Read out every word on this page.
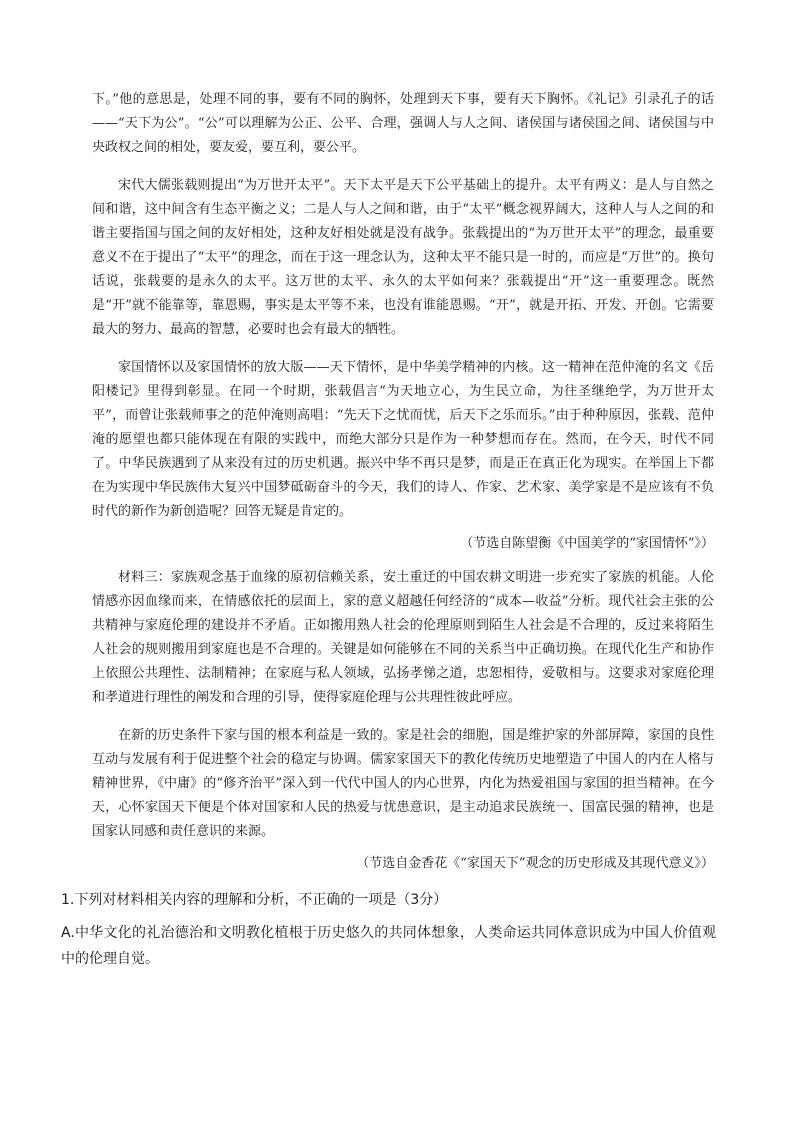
下。”他的意思是，处理不同的事，要有不同的胸怀，处理到天下事，要有天下胸怀。《礼记》引录孔子的话——“天下为公”。“公”可以理解为公正、公平、合理，强调人与人之间、诸侯国与诸侯国之间、诸侯国与中央政权之间的相处，要友爱，要互利，要公平。

宋代大儒张载则提出“为万世开太平”。天下太平是天下公平基础上的提升。太平有两义：是人与自然之间和谐，这中间含有生态平衡之义；二是人与人之间和谐，由于“太平”概念视界阔大，这种人与人之间的和谐主要指国与国之间的友好相处，这种友好相处就是没有战争。张载提出的“为万世开太平”的理念，最重要意义不在于提出了“太平”的理念，而在于这一理念认为，这种太平不能只是一时的，而应是“万世”的。换句话说，张载要的是永久的太平。这万世的太平、永久的太平如何来？张载提出“开”这一重要理念。既然是“开”就不能靠等，靠恩赐，事实是太平等不来，也没有谁能恩赐。“开”，就是开拓、开发、开创。它需要最大的努力、最高的智慧，必要时也会有最大的牺牲。

家国情怀以及家国情怀的放大版——天下情怀，是中华美学精神的内核。这一精神在范仲淹的名文《岳阳楼记》里得到彰显。在同一个时期，张载倡言“为天地立心，为生民立命，为往圣继绝学，为万世开太平”，而曾让张载师事之的范仲淹则高唱：“先天下之忧而忧，后天下之乐而乐。”由于种种原因，张载、范仲淹的愿望也都只能体现在有限的实践中，而绝大部分只是作为一种梦想而存在。然而，在今天，时代不同了。中华民族遇到了从来没有过的历史机遇。振兴中华不再只是梦，而是正在真正化为现实。在举国上下都在为实现中华民族伟大复兴中国梦砥砺奋斗的今天，我们的诗人、作家、艺术家、美学家是不是应该有不负时代的新作为新创造呢？回答无疑是肯定的。

（节选自陈望衡《中国美学的“家国情怀”》）

材料三：家族观念基于血缘的原初信赖关系，安土重迁的中国农耕文明进一步充实了家族的机能。人伦情感亦因血缘而来，在情感依托的层面上，家的意义超越任何经济的“成本—收益”分析。现代社会主张的公共精神与家庭伦理的建设并不矛盾。正如搬用熟人社会的伦理原则到陌生人社会是不合理的，反过来将陌生人社会的规则搬用到家庭也是不合理的。关键是如何能够在不同的关系当中正确切换。在现代化生产和协作上依照公共理性、法制精神；在家庭与私人领域，弘扬孝悌之道，忠恕相待，爱敬相与。这要求对家庭伦理和孝道进行理性的阐发和合理的引导，使得家庭伦理与公共理性彼此呼应。

在新的历史条件下家与国的根本利益是一致的。家是社会的细胞，国是维护家的外部屏障，家国的良性互动与发展有利于促进整个社会的稳定与协调。儒家家国天下的教化传统历史地塑造了中国人的内在人格与精神世界，《中庸》的“修齐治平”深入到一代代中国人的内心世界，内化为热爱祖国与家国的担当精神。在今天，心怀家国天下便是个体对国家和人民的热爱与忧患意识，是主动追求民族统一、国富民强的精神，也是国家认同感和责任意识的来源。

（节选自金香花《“家国天下”观念的历史形成及其现代意义》）

1.下列对材料相关内容的理解和分析，不正确的一项是（3分）

A.中华文化的礼治德治和文明教化植根于历史悠久的共同体想象，人类命运共同体意识成为中国人价值观中的伦理自觉。
